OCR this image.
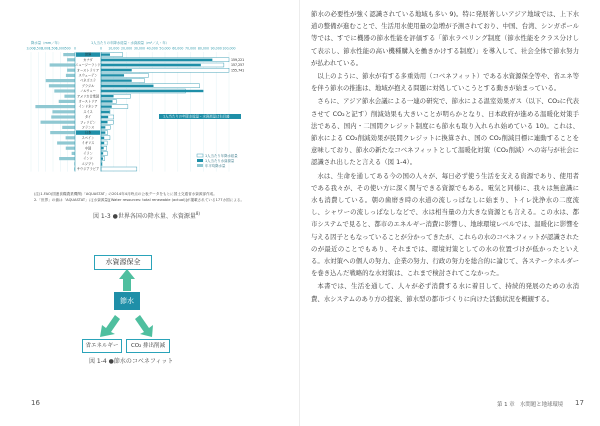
降水量（mm／年）	1人当たりの年降水総量・水資源量（m³／人・年）
3,000
2,500
2,000
1,500
1,000 500 0	0 10,000 20,000 30,000 40,000 50,000 60,000 70,000 80,000 90,000 100,000
世界
カナダ
ニュージーランド
オーストラリア
スウェーデン
ベネズエラ
ブラジル
ノルウェー
アメリカ合衆国
オーストリア
インドネシア
スイス
タイ
フィリピン
フランス
日本
スペイン
イギリス
中国
イラン
インド
エジプト
サウジアラビア
159,221
157,257
155,741
1人当たりの年降水総量・水資源量は右目盛
1人当たり年降水総量
1人当たり水資源量
年平均降水量
(注)1.FAO(国連食糧農業機関)「AQUASTAT」の2014年4月時点の公表データをもとに国土交通省水資源部作成。
2.「世界」の値は「AQUASTAT」に[水資源量][Water resources: total renewable (actual)]が掲載されている177カ国による。
図 1-3 ●世界各国の降水量、水資源量$^{8)}$
水資源保全
節水
省エネルギー	CO₂ 排出削減
図 1-4 ●節水のコベネフィット

節水の必要性が強く認識されている地域も多い 9)。特に発展著しいアジア地域では、上下水道の整備が進むことで、生活用水使用量の急増が予測されており、中国、台湾、シンガポール等では、すでに機器の節水性能を評価する「節水ラベリング制度（節水性能をクラス分けして表示し、節水性能の高い機種購入を働きかけする制度）」を導入して、社会全体で節水努力が払われている。

以上のように、節水が有する多重効用（コベネフィット）である水資源保全等や、省エネ等を伴う節水の推進は、地域が抱える問題に対処していこうとする動きが始まっている。

さらに、アジア節水会議による一連の研究で、節水による温室効果ガス（以下、CO₂に代表させて CO₂と記す）削減効果も大きいことが明らかとなり、日本政府が進める温暖化対策手法である、国内・二国間クレジット制度にも節水も取り入れられ始めている 10)。これは、節水による CO₂削減効果が民間クレジットに換算され、国の CO₂削減目標に連動することを意味しており、節水の新たなコベネフィットとして温暖化対策（CO₂削減）への寄与が社会に認識され出したと言える（図 1-4）。

水は、生命を通してある今の国の人々が、毎日必ず使う生活を支える資源であり、使用者である我々が、その使い方に深く関与できる資源でもある。電気と同様に、我々は無意識に水も消費している。朝の歯磨き時の水道の流しっぱなしに始まり、トイレ洗浄水の二度流し、シャワーの流しっぱなしなどで、水は相当量の力大きな資源とも言える。この水は、都市システムで見ると、都市のエネルギー消費に影響し、地球環境レベルでは、温暖化に影響を与える因子ともなっていることが分かってきたが、これらの水のコベネフィットが認識されたのが最近のことでもあり、それまでは、環境対策としての水の位置づけが低かったといえる。水対策への個人の努力、企業の努力、行政の努力を総合的に論じて、各ステークホルダーを巻き込んだ戦略的な水対策は、これまで検討されてこなかった。

本書では、生活を通して、人々が必ず消費する水に着目して、持続的発展のための水消費、水システムのあり方の提案、節水型の都市づくりに向けた活動状況を概観する。

16	第 1 章　水問題と地球環境 17
